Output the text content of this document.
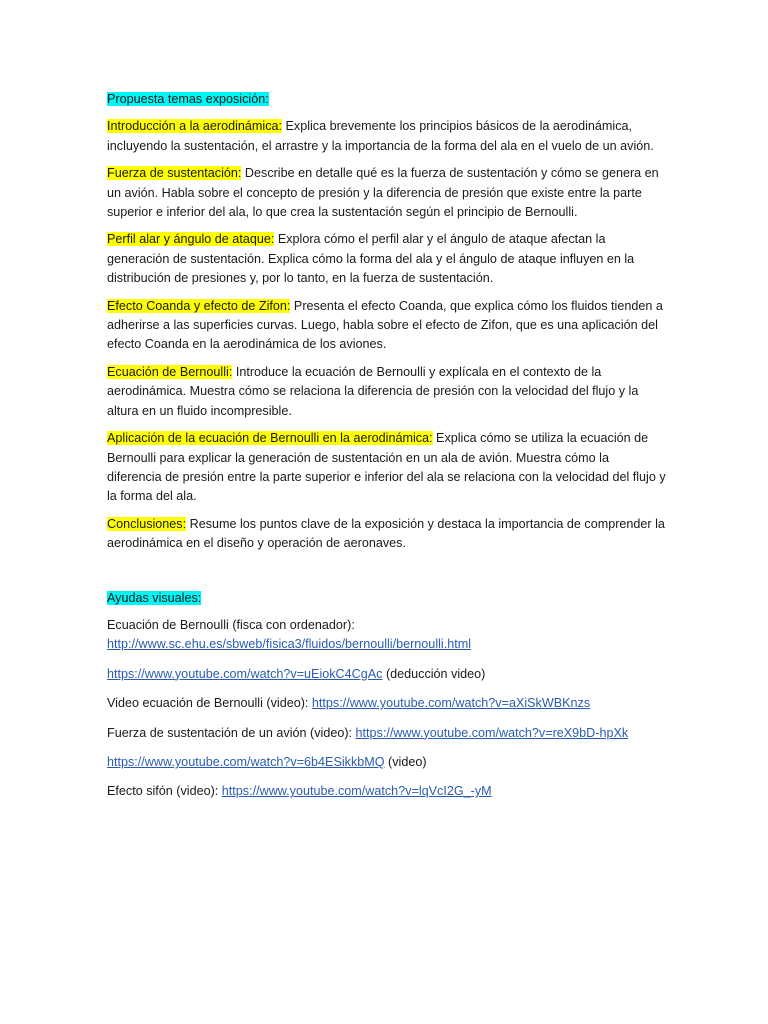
Propuesta temas exposición:

Introducción a la aerodinámica: Explica brevemente los principios básicos de la aerodinámica, incluyendo la sustentación, el arrastre y la importancia de la forma del ala en el vuelo de un avión.

Fuerza de sustentación: Describe en detalle qué es la fuerza de sustentación y cómo se genera en un avión. Habla sobre el concepto de presión y la diferencia de presión que existe entre la parte superior e inferior del ala, lo que crea la sustentación según el principio de Bernoulli.

Perfil alar y ángulo de ataque: Explora cómo el perfil alar y el ángulo de ataque afectan la generación de sustentación. Explica cómo la forma del ala y el ángulo de ataque influyen en la distribución de presiones y, por lo tanto, en la fuerza de sustentación.

Efecto Coanda y efecto de Zifon: Presenta el efecto Coanda, que explica cómo los fluidos tienden a adherirse a las superficies curvas. Luego, habla sobre el efecto de Zifon, que es una aplicación del efecto Coanda en la aerodinámica de los aviones.

Ecuación de Bernoulli: Introduce la ecuación de Bernoulli y explícala en el contexto de la aerodinámica. Muestra cómo se relaciona la diferencia de presión con la velocidad del flujo y la altura en un fluido incompresible.

Aplicación de la ecuación de Bernoulli en la aerodinámica: Explica cómo se utiliza la ecuación de Bernoulli para explicar la generación de sustentación en un ala de avión. Muestra cómo la diferencia de presión entre la parte superior e inferior del ala se relaciona con la velocidad del flujo y la forma del ala.

Conclusiones: Resume los puntos clave de la exposición y destaca la importancia de comprender la aerodinámica en el diseño y operación de aeronaves.

Ayudas visuales:

Ecuación de Bernoulli (fisca con ordenador):
http://www.sc.ehu.es/sbweb/fisica3/fluidos/bernoulli/bernoulli.html

https://www.youtube.com/watch?v=uEiokC4CgAc (deducción video)

Video ecuación de Bernoulli (video): https://www.youtube.com/watch?v=aXiSkWBKnzs

Fuerza de sustentación de un avión (video): https://www.youtube.com/watch?v=reX9bD-hpXk

https://www.youtube.com/watch?v=6b4ESikkbMQ (video)

Efecto sifón (video): https://www.youtube.com/watch?v=lqVcI2G_-yM
